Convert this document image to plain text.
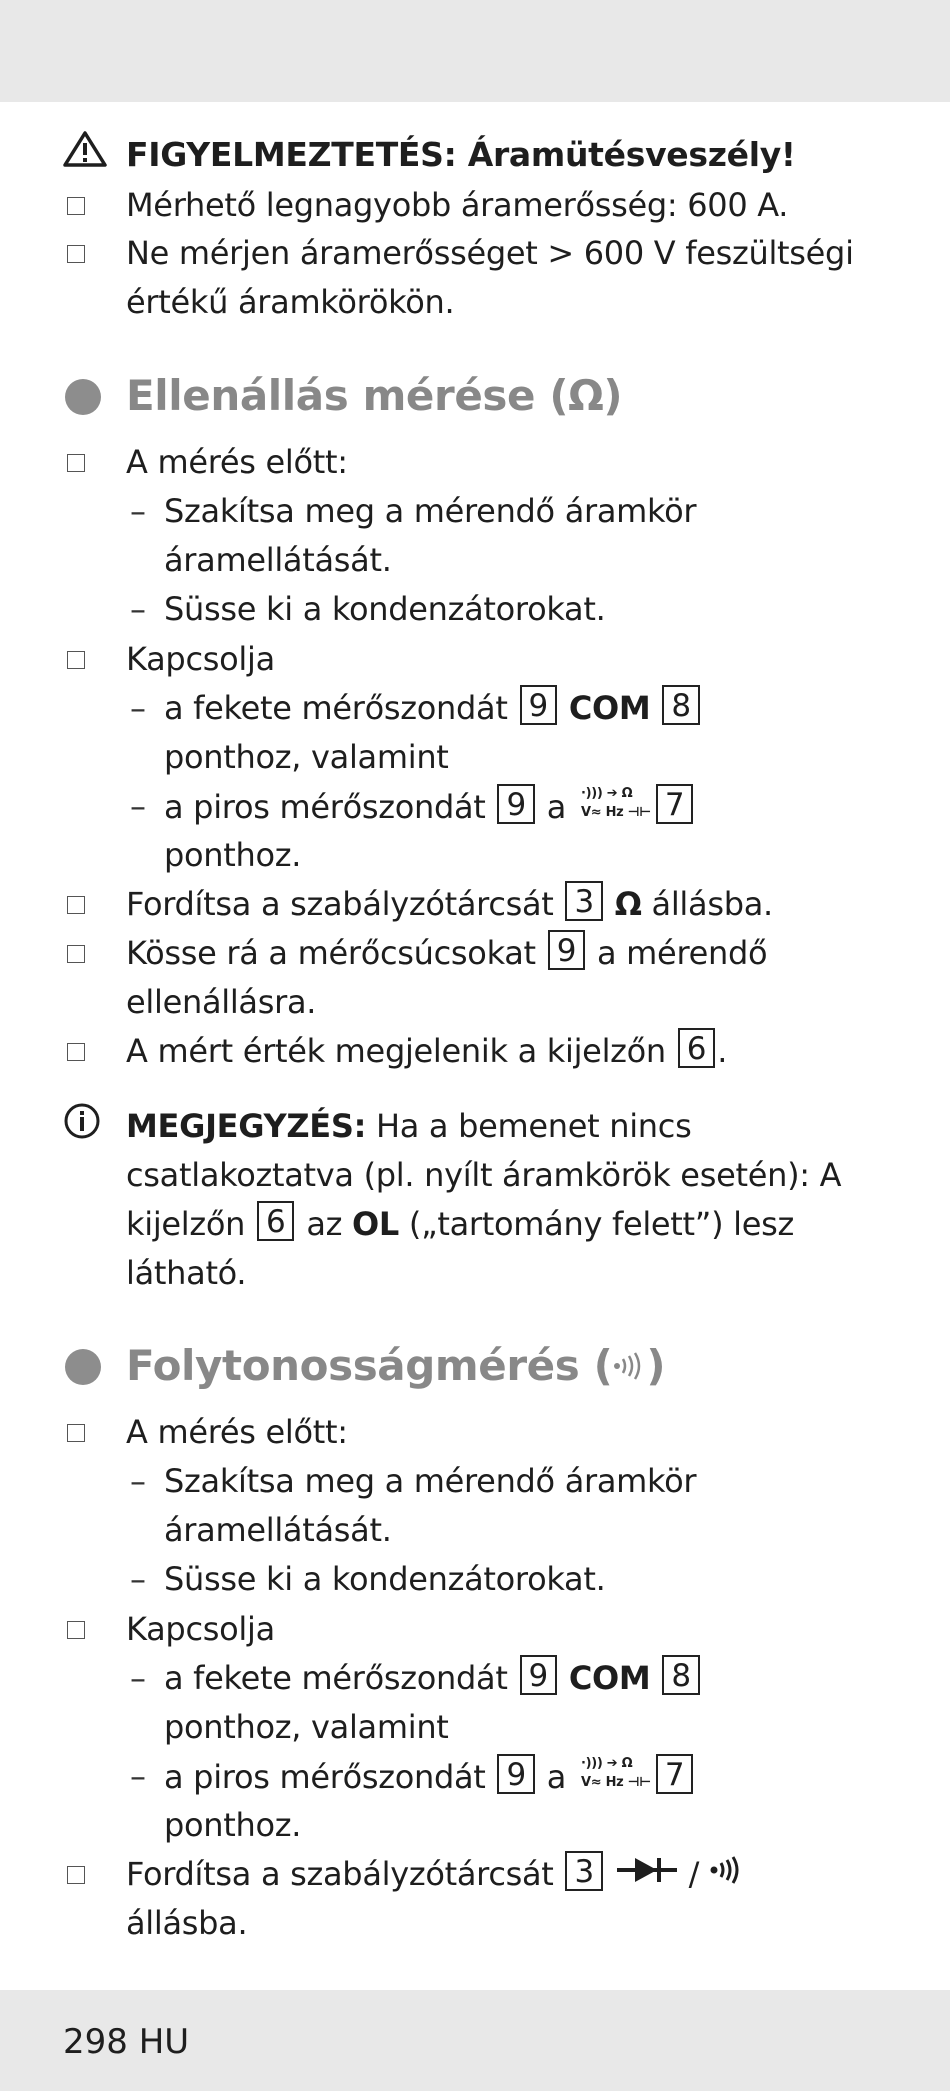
FIGYELMEZTETÉS: Áramütésveszély!
Mérhető legnagyobb áramerősség: 600 A.
Ne mérjen áramerősséget > 600 V feszültségi
értékű áramkörökön.
Ellenállás mérése (Ω)
A mérés előtt:
– Szakítsa meg a mérendő áramkör
áramellátását.
– Süsse ki a kondenzátorokat.
Kapcsolja
– a fekete mérőszondát 9 COM 8
ponthoz, valamint
– a piros mérőszondát 9 a ·))) ➔ Ω
V≈ Hz ⊣⊢ 7
ponthoz.
Fordítsa a szabályzótárcsát 3 Ω állásba.
Kösse rá a mérőcsúcsokat 9 a mérendő
ellenállásra.
A mért érték megjelenik a kijelzőn 6 .
MEGJEGYZÉS: Ha a bemenet nincs
csatlakoztatva (pl. nyílt áramkörök esetén): A
kijelzőn 6 az OL („tartomány felett”) lesz
látható.
Folytonosságmérés ( )
A mérés előtt:
– Szakítsa meg a mérendő áramkör
áramellátását.
– Süsse ki a kondenzátorokat.
Kapcsolja
– a fekete mérőszondát 9 COM 8
ponthoz, valamint
– a piros mérőszondát 9 a ·))) ➔ Ω
V≈ Hz ⊣⊢ 7
ponthoz.
Fordítsa a szabályzótárcsát 3	/
állásba.
298 HU
